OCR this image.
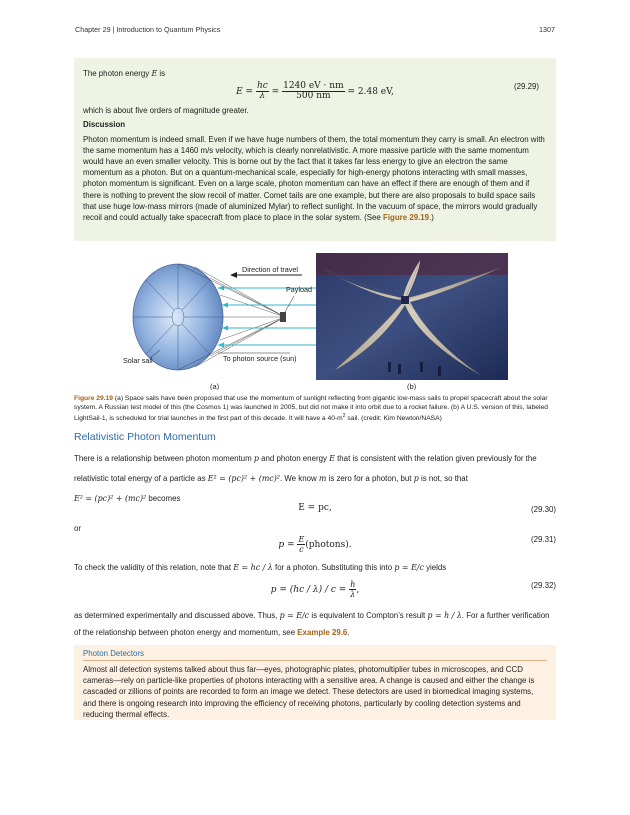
Chapter 29 | Introduction to Quantum Physics	1307
The photon energy E is
$E = \frac{hc}{\lambda} = \frac{1240 eV \cdot nm}{500 nm} = 2.48$ eV,
(29.29)
which is about five orders of magnitude greater.
Discussion
Photon momentum is indeed small. Even if we have huge numbers of them, the total momentum they carry is small. An electron with the same momentum has a 1460 m/s velocity, which is clearly nonrelativistic. A more massive particle with the same momentum would have an even smaller velocity. This is borne out by the fact that it takes far less energy to give an electron the same momentum as a photon. But on a quantum-mechanical scale, especially for high-energy photons interacting with small masses, photon momentum is significant. Even on a large scale, photon momentum can have an effect if there are enough of them and if there is nothing to prevent the slow recoil of matter. Comet tails are one example, but there are also proposals to build space sails that use huge low-mass mirrors (made of aluminized Mylar) to reflect sunlight. In the vacuum of space, the mirrors would gradually recoil and could actually take spacecraft from place to place in the solar system. (See Figure 29.19.)
Direction of travel
Payload
Solar sail	To photon source (sun)
(a)	(b)
Figure 29.19 (a) Space sails have been proposed that use the momentum of sunlight reflecting from gigantic low-mass sails to propel spacecraft about the solar system. A Russian test model of this (the Cosmos 1) was launched in 2005, but did not make it into orbit due to a rocket failure. (b) A U.S. version of this, labeled LightSail-1, is scheduled for trial launches in the first part of this decade. It will have a $40-m^2$ sail. (credit: Kim Newton/NASA)
Relativistic Photon Momentum
There is a relationship between photon momentum p and photon energy E that is consistent with the relation given previously for the relativistic total energy of a particle as E² = (pc)² + (mc)². We know m is zero for a photon, but p is not, so that
E² = (pc)² + (mc)² becomes
E = pc,	(29.30)
or
$p = \frac{E}{c}$ (photons).
(29.31)
To check the validity of this relation, note that E = hc / λ for a photon. Substituting this into p = E/c yields
$p = (hc / \lambda) / c = \frac{h}{\lambda}$ ,	(29.32)
as determined experimentally and discussed above. Thus, p = E/c is equivalent to Compton’s result p = h / λ. For a further verification of the relationship between photon energy and momentum, see Example 29.6.
Photon Detectors
Almost all detection systems talked about thus far—eyes, photographic plates, photomultiplier tubes in microscopes, and CCD cameras—rely on particle-like properties of photons interacting with a sensitive area. A change is caused and either the change is cascaded or zillions of points are recorded to form an image we detect. These detectors are used in biomedical imaging systems, and there is ongoing research into improving the efficiency of receiving photons, particularly by cooling detection systems and reducing thermal effects.
